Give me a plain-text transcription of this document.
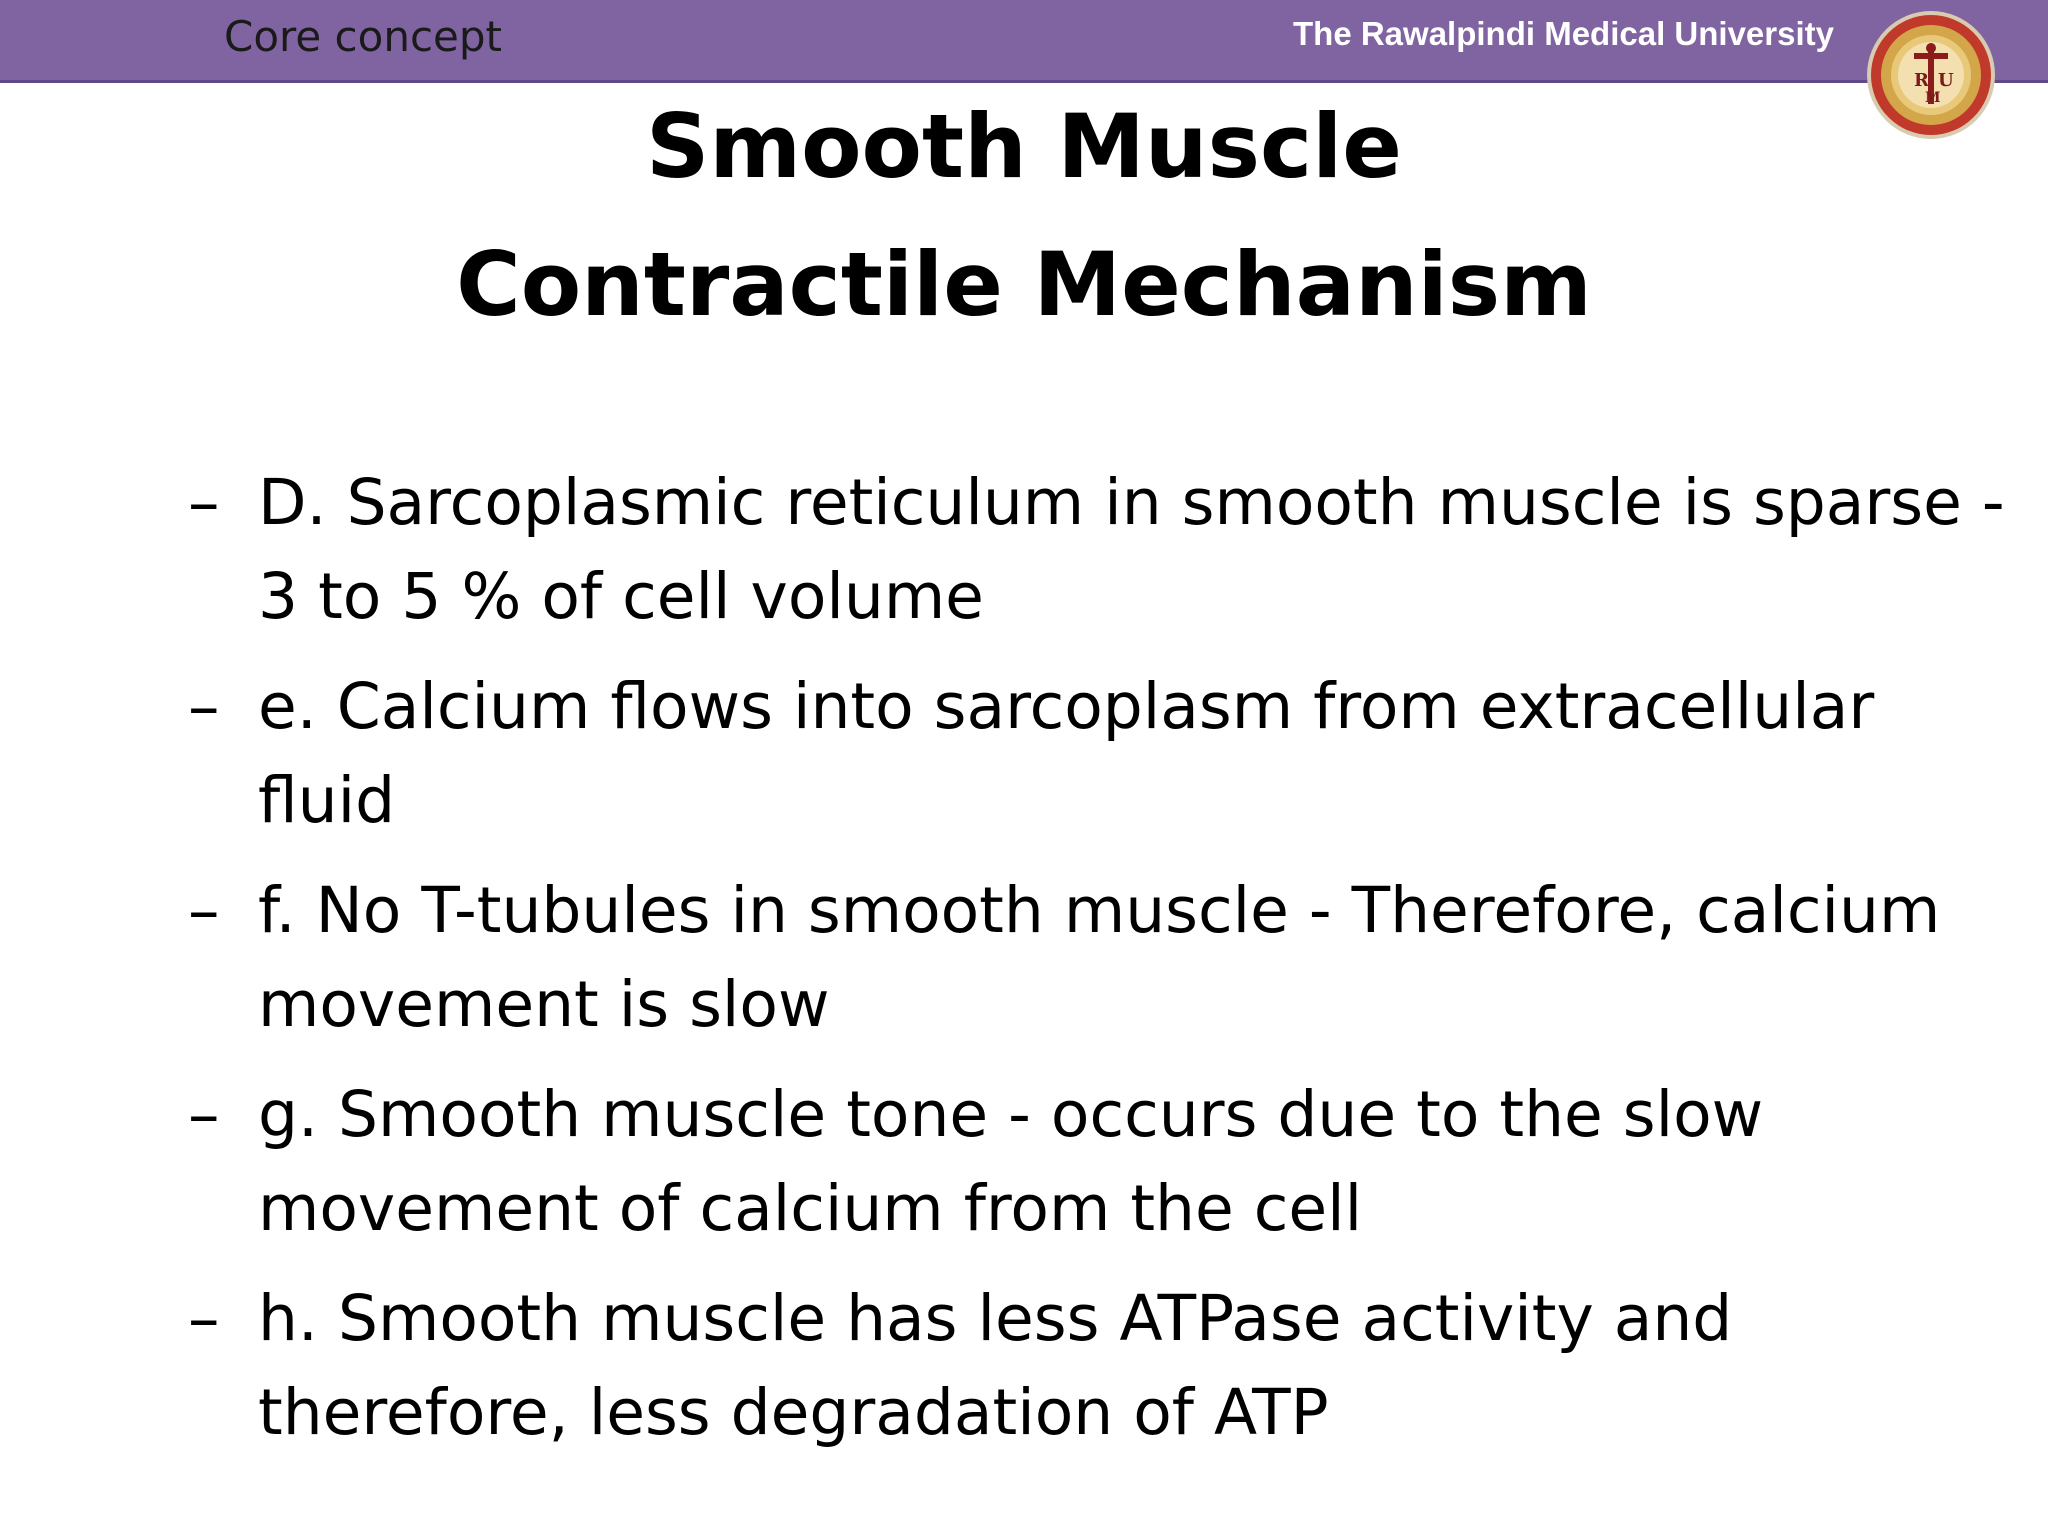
Core concept	The Rawalpindi Medical University
R U
M
Smooth Muscle
Contractile Mechanism
– D. Sarcoplasmic reticulum in smooth muscle is sparse - 3 to 5 % of cell volume
– e. Calcium flows into sarcoplasm from extracellular fluid
– f. No T-tubules in smooth muscle - Therefore, calcium movement is slow
– g. Smooth muscle tone - occurs due to the slow movement of calcium from the cell
– h. Smooth muscle has less ATPase activity and therefore, less degradation of ATP
